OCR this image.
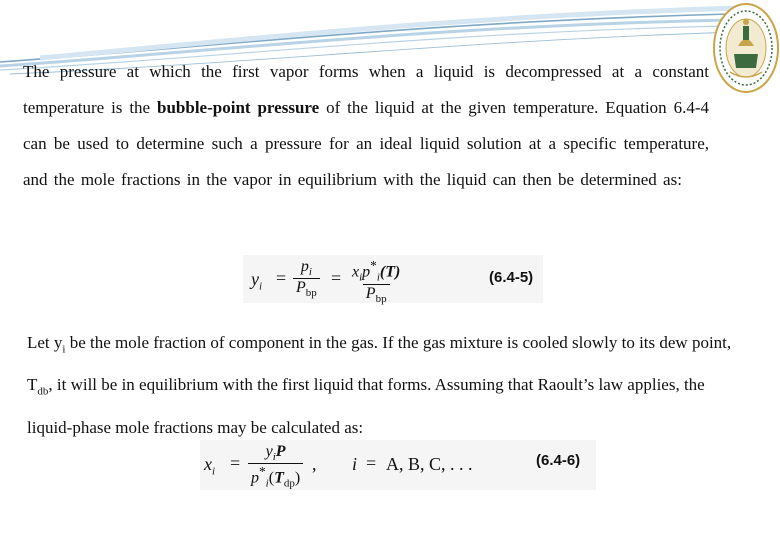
The pressure at which the first vapor forms when a liquid is decompressed at a constant temperature is the bubble-point pressure of the liquid at the given temperature. Equation 6.4-4 can be used to determine such a pressure for an ideal liquid solution at a specific temperature, and the mole fractions in the vapor in equilibrium with the liquid can then be determined as:

$y_i$ =
$p_i$
$P_{bp}$
= $x_ip^*_i(T)$
$P_{bp}$
(6.4-5)

Let $y_i$ be the mole fraction of component in the gas. If the gas mixture is cooled slowly to its dew point, $T_{db}$, it will be in equilibrium with the first liquid that forms. Assuming that Raoult’s law applies, the liquid-phase mole fractions may be calculated as:

$x_i$ =
$y_iP$
$p^*_i(T_{dp})$
, i = A, B, C, . . .	(6.4-6)
